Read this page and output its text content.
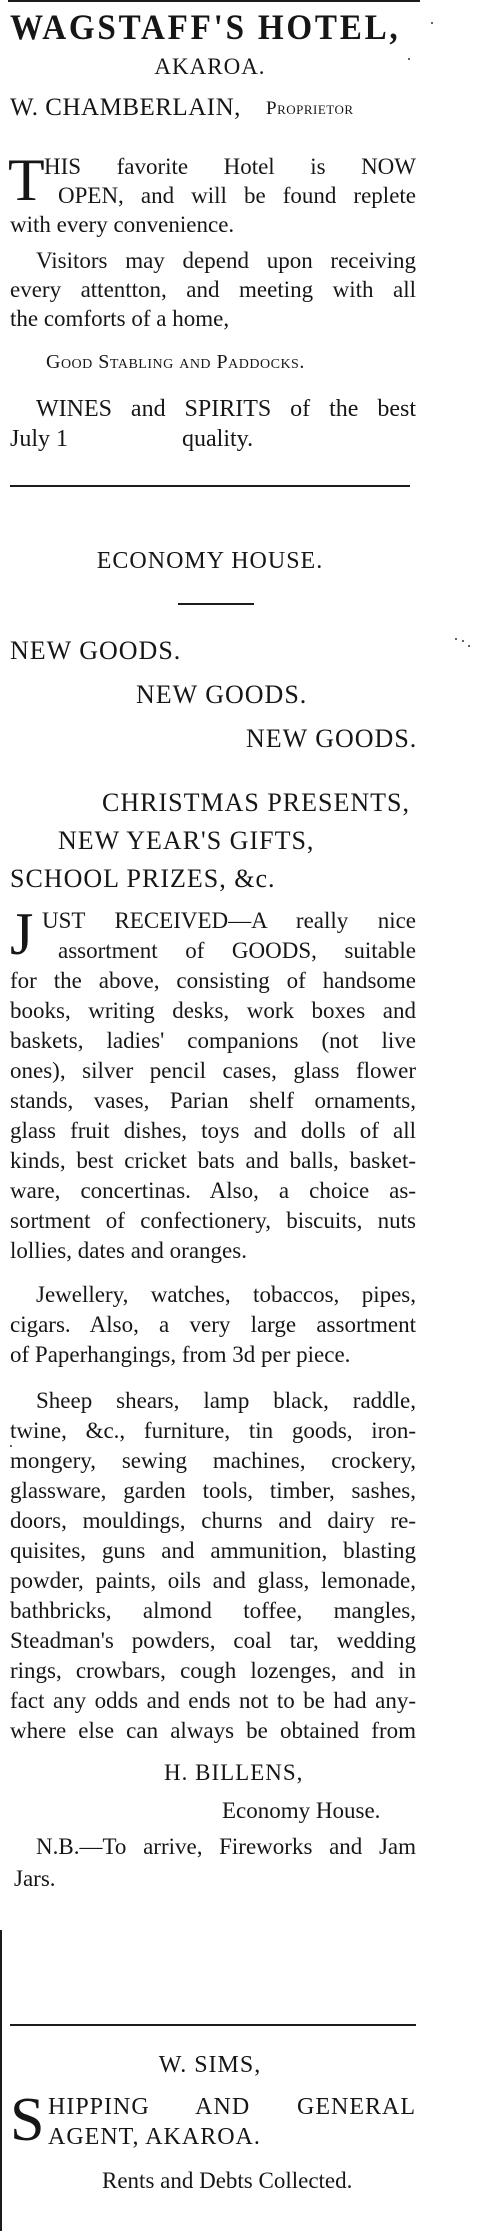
WAGSTAFF'S HOTEL,
AKAROA.
W. CHAMBERLAIN, Proprietor
T HIS favorite Hotel is NOW
OPEN, and will be found replete
with every convenience.
Visitors may depend upon receiving
every attentton, and meeting with all
the comforts of a home,
Good Stabling and Paddocks.
WINES and SPIRITS of the best
July 1	quality.
ECONOMY HOUSE.
NEW GOODS.
NEW GOODS.
NEW GOODS.
CHRISTMAS PRESENTS,
NEW YEAR'S GIFTS,
SCHOOL PRIZES, &c.
J UST RECEIVED—A really nice
assortment of GOODS, suitable
for the above, consisting of handsome
books, writing desks, work boxes and
baskets, ladies' companions (not live
ones), silver pencil cases, glass flower
stands, vases, Parian shelf ornaments,
glass fruit dishes, toys and dolls of all
kinds, best cricket bats and balls, basket-
ware, concertinas. Also, a choice as-
sortment of confectionery, biscuits, nuts
lollies, dates and oranges.
Jewellery, watches, tobaccos, pipes,
cigars. Also, a very large assortment
of Paperhangings, from 3d per piece.
Sheep shears, lamp black, raddle,
twine, &c., furniture, tin goods, iron-
mongery, sewing machines, crockery,
glassware, garden tools, timber, sashes,
doors, mouldings, churns and dairy re-
quisites, guns and ammunition, blasting
powder, paints, oils and glass, lemonade,
bathbricks, almond toffee, mangles,
Steadman's powders, coal tar, wedding
rings, crowbars, cough lozenges, and in
fact any odds and ends not to be had any-
where else can always be obtained from
H. BILLENS,
Economy House.
N.B.—To arrive, Fireworks and Jam
Jars.
W. SIMS,
S HIPPING AND GENERAL
AGENT, AKAROA.
Rents and Debts Collected.
